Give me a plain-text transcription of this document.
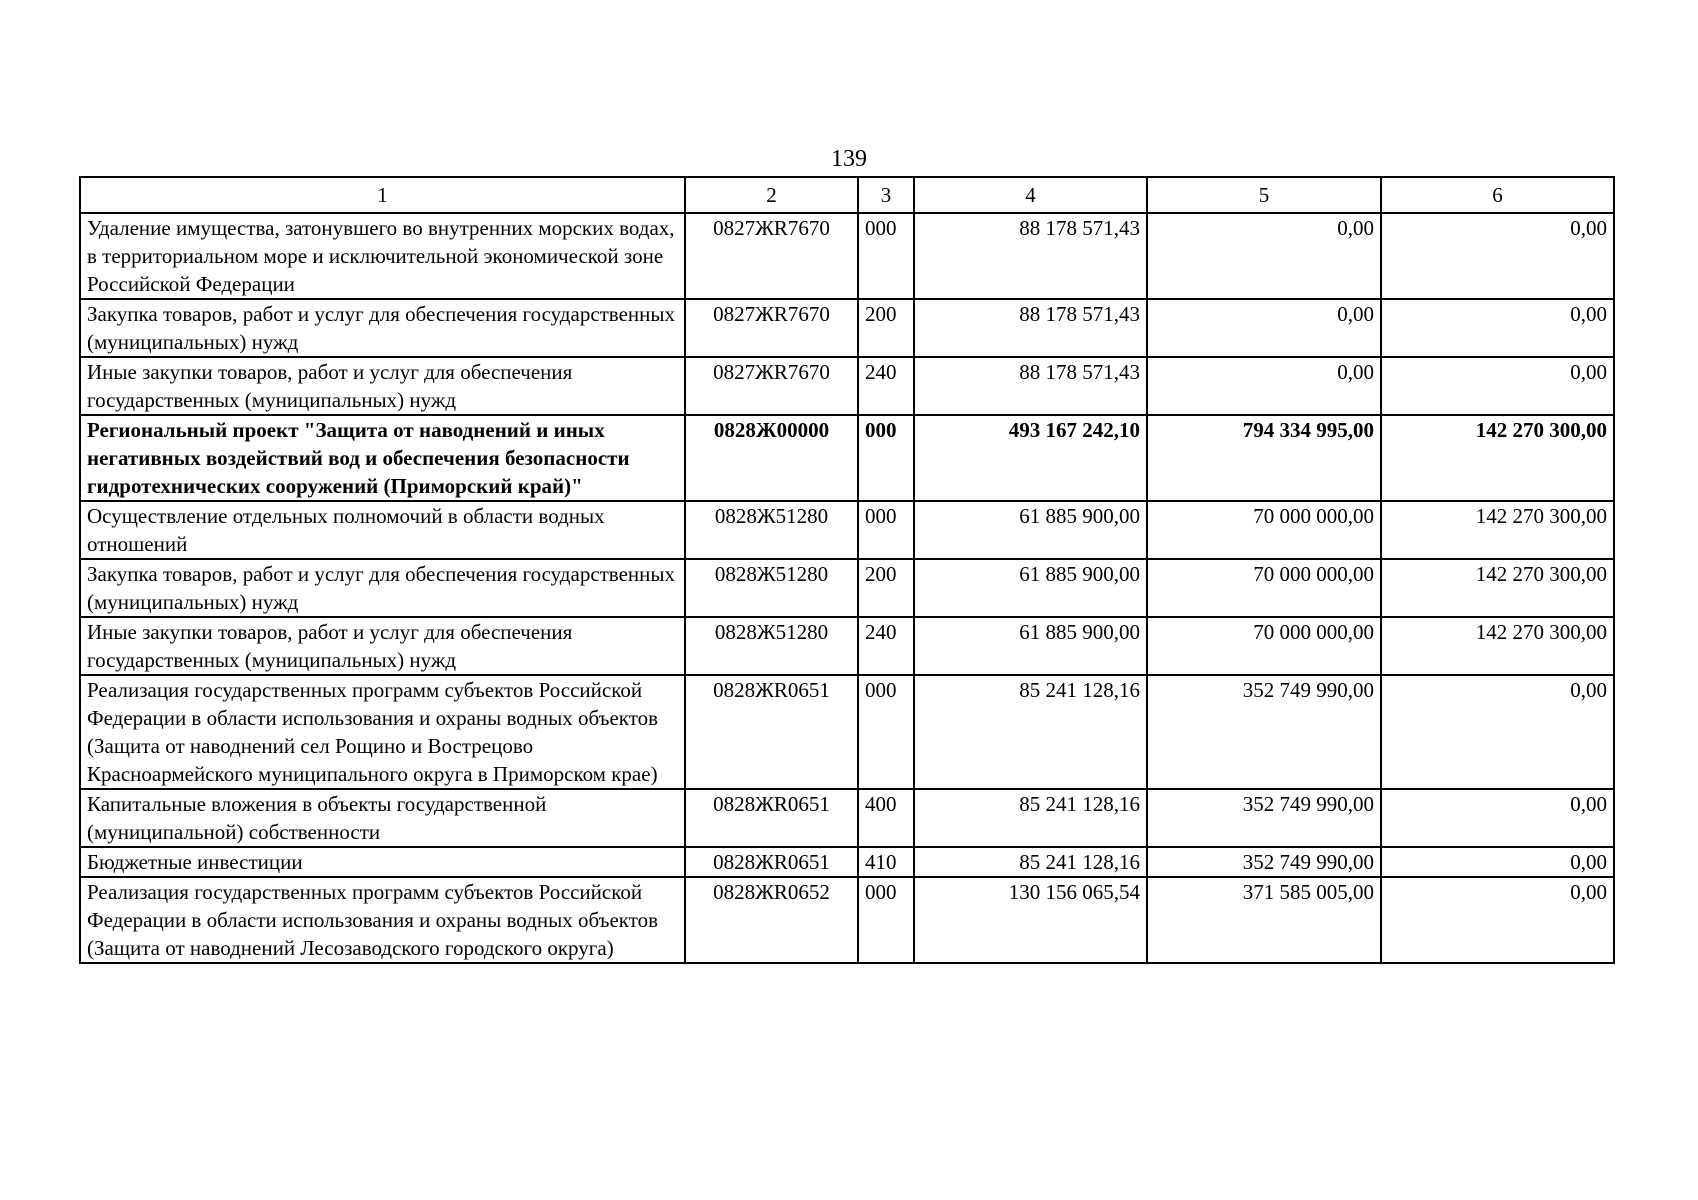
139
1	2	3	4	5	6
Удаление имущества, затонувшего во внутренних морских водах, в территориальном море и исключительной экономической зоне Российской Федерации	0827ЖR7670	000	88 178 571,43	0,00	0,00
Закупка товаров, работ и услуг для обеспечения государственных (муниципальных) нужд	0827ЖR7670	200	88 178 571,43	0,00	0,00
Иные закупки товаров, работ и услуг для обеспечения государственных (муниципальных) нужд	0827ЖR7670	240	88 178 571,43	0,00	0,00
Региональный проект "Защита от наводнений и иных негативных воздействий вод и обеспечения безопасности гидротехнических сооружений (Приморский край)"	0828Ж00000	000	493 167 242,10	794 334 995,00	142 270 300,00
Осуществление отдельных полномочий в области водных отношений	0828Ж51280	000	61 885 900,00	70 000 000,00	142 270 300,00
Закупка товаров, работ и услуг для обеспечения государственных (муниципальных) нужд	0828Ж51280	200	61 885 900,00	70 000 000,00	142 270 300,00
Иные закупки товаров, работ и услуг для обеспечения государственных (муниципальных) нужд	0828Ж51280	240	61 885 900,00	70 000 000,00	142 270 300,00
Реализация государственных программ субъектов Российской Федерации в области использования и охраны водных объектов (Защита от наводнений сел Рощино и Вострецово Красноармейского муниципального округа в Приморском крае)	0828ЖR0651	000	85 241 128,16	352 749 990,00	0,00
Капитальные вложения в объекты государственной (муниципальной) собственности	0828ЖR0651	400	85 241 128,16	352 749 990,00	0,00
Бюджетные инвестиции	0828ЖR0651	410	85 241 128,16	352 749 990,00	0,00
Реализация государственных программ субъектов Российской Федерации в области использования и охраны водных объектов (Защита от наводнений Лесозаводского городского округа)	0828ЖR0652	000	130 156 065,54	371 585 005,00	0,00
